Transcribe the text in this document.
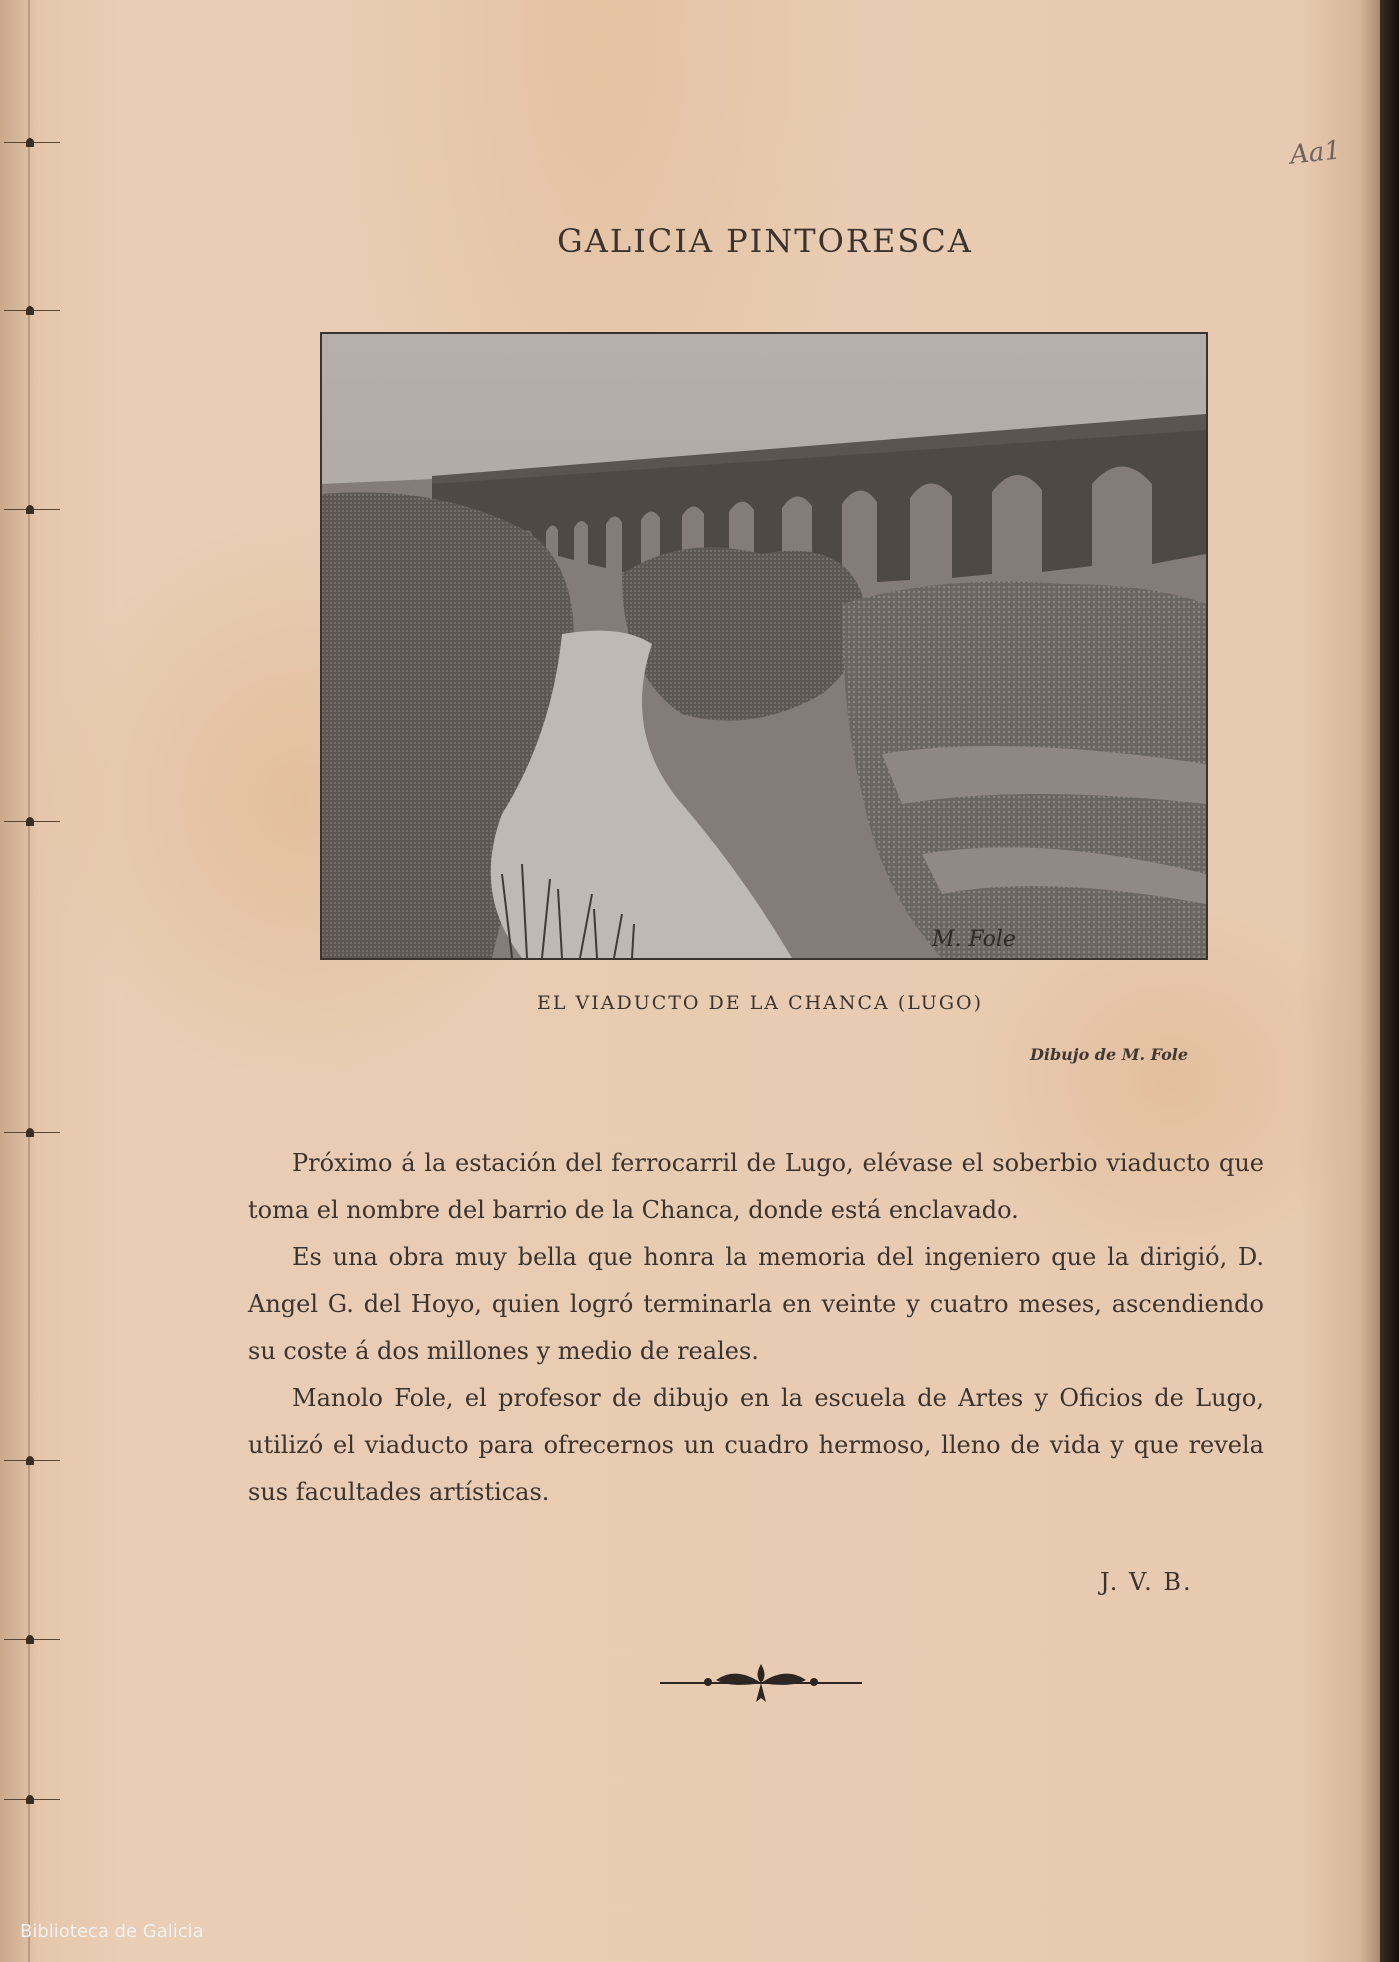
Aa1
GALICIA PINTORESCA
M. Fole
EL VIADUCTO DE LA CHANCA (LUGO)
Dibujo de M. Fole

Próximo á la estación del ferrocarril de Lugo, elévase el soberbio viaducto que toma el nombre del barrio de la Chanca, donde está enclavado.

Es una obra muy bella que honra la memoria del ingeniero que la dirigió, D. Angel G. del Hoyo, quien logró terminarla en veinte y cuatro meses, ascendiendo su coste á dos millones y medio de reales.

Manolo Fole, el profesor de dibujo en la escuela de Artes y Oficios de Lugo, utilizó el viaducto para ofrecernos un cuadro hermoso, lleno de vida y que revela sus facultades artísticas.

J. V. B.
Biblioteca de Galicia
